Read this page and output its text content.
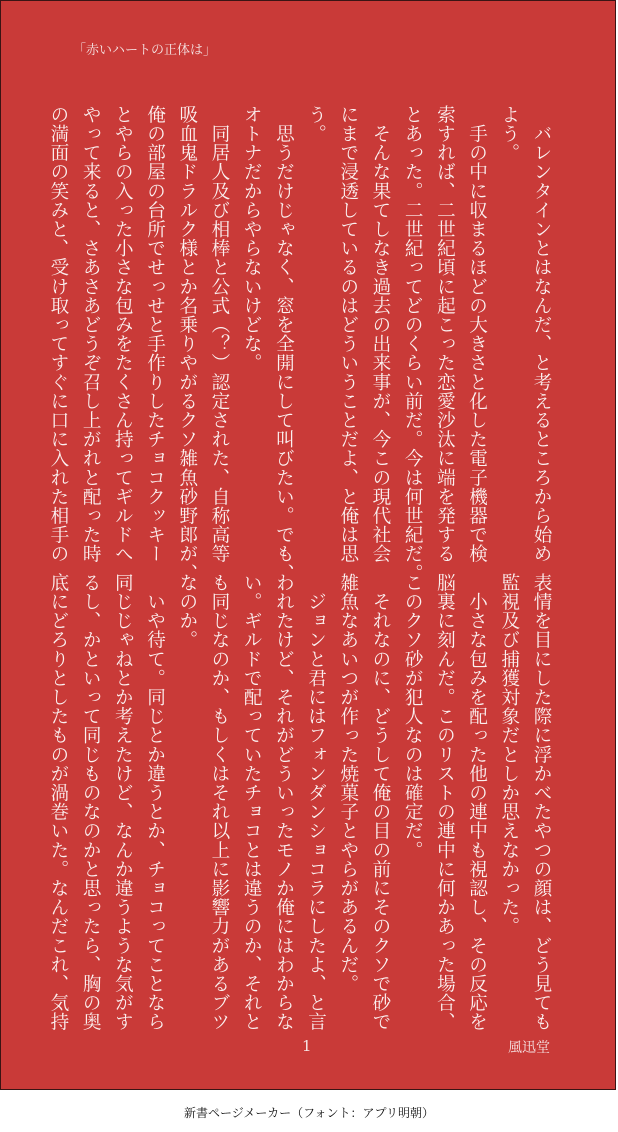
「赤いハートの正体は」
　バレンタインとはなんだ、と考えるところから始め
よう。
　手の中に収まるほどの大きさと化した電子機器で検
索すれば、二世紀頃に起こった恋愛沙汰に端を発する
とあった。二世紀ってどのくらい前だ。今は何世紀だ。
　そんな果てしなき過去の出来事が、今この現代社会
にまで浸透しているのはどういうことだよ、と俺は思
う。
　思うだけじゃなく、窓を全開にして叫びたい。でも、
オトナだからやらないけどな。
　同居人及び相棒と公式（？）認定された、自称高等
吸血鬼ドラルク様とか名乗りやがるクソ雑魚砂野郎が、
俺の部屋の台所でせっせと手作りしたチョコクッキー
とやらの入った小さな包みをたくさん持ってギルドへ
やって来ると、さあさあどうぞ召し上がれと配った時
の満面の笑みと、受け取ってすぐに口に入れた相手の
表情を目にした際に浮かべたやつの顔は、どう見ても
監視及び捕獲対象だとしか思えなかった。
　小さな包みを配った他の連中も視認し、その反応を
脳裏に刻んだ。このリストの連中に何かあった場合、
このクソ砂が犯人なのは確定だ。
　それなのに、どうして俺の目の前にそのクソで砂で
雑魚なあいつが作った焼菓子とやらがあるんだ。
　ジョンと君にはフォンダンショコラにしたよ、と言
われたけど、それがどういったモノか俺にはわからな
い。ギルドで配っていたチョコとは違うのか、それと
も同じなのか、もしくはそれ以上に影響力があるブツ
なのか。
　いや待て。同じとか違うとか、チョコってことなら
同じじゃねとか考えたけど、なんか違うような気がす
るし、かといって同じものなのかと思ったら、胸の奥
底にどろりとしたものが渦巻いた。なんだこれ、気持
1	風迅堂
新書ページメーカー（フォント：アプリ明朝）
